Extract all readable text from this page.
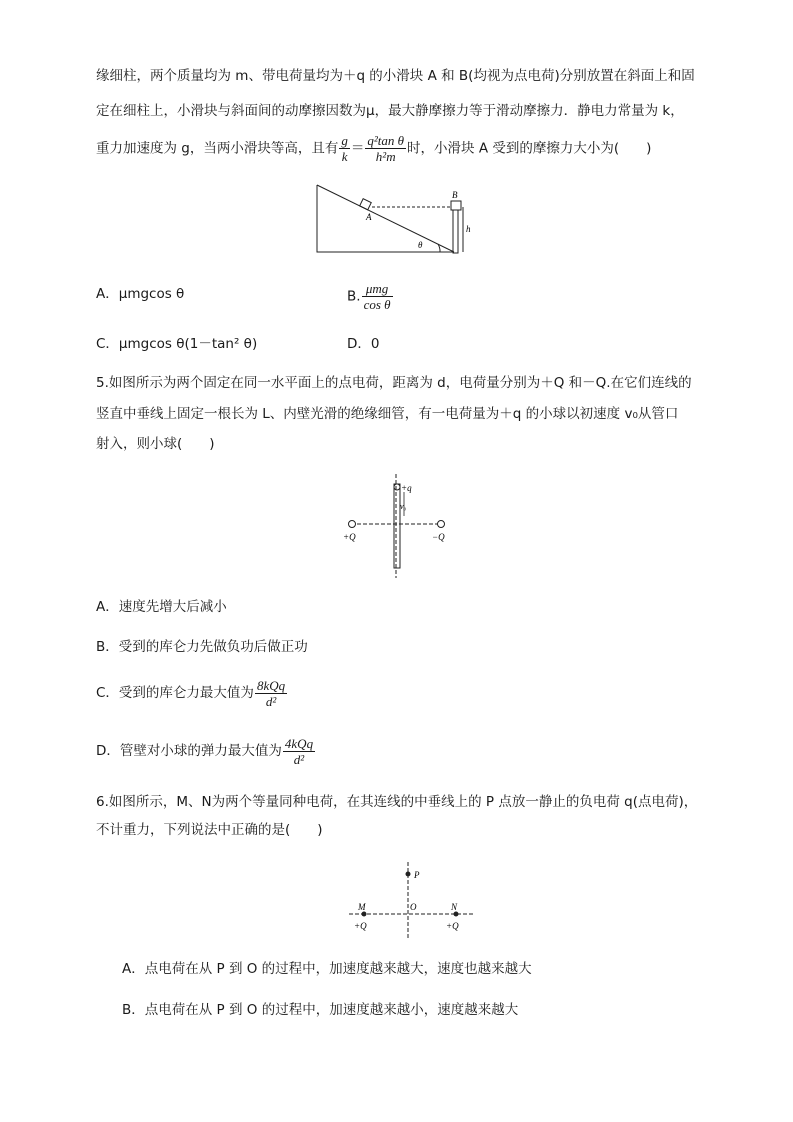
缘细柱，两个质量均为 m、带电荷量均为＋q 的小滑块 A 和 B(均视为点电荷)分别放置在斜面上和固
定在细柱上，小滑块与斜面间的动摩擦因数为μ，最大静摩擦力等于滑动摩擦力．静电力常量为 k，
重力加速度为 g，当两小滑块等高，且有 $\frac{g}{k} = \frac{\text{q²tan θ}}{\text{h²m}}$ 时，小滑块 A 受到的摩擦力大小为(　　)
A
B
h
θ
A．μmgcos θ	B. $\frac{\text{μmg}}{\text{cos θ}}$
C．μmgcos θ(1－tan² θ)	D．0
5.如图所示为两个固定在同一水平面上的点电荷，距离为 d，电荷量分别为＋Q 和－Q.在它们连线的
竖直中垂线上固定一根长为 L、内壁光滑的绝缘细管，有一电荷量为＋q 的小球以初速度 v₀从管口
射入，则小球(　　)
+q
v₀
+Q	−Q
A．速度先增大后减小
B．受到的库仑力先做负功后做正功
C．受到的库仑力最大值为 $\frac{\text{8kQq}}{\text{d²}}$
D．管壁对小球的弹力最大值为 $\frac{\text{4kQq}}{\text{d²}}$
6.如图所示，M、N为两个等量同种电荷，在其连线的中垂线上的 P 点放一静止的负电荷 q(点电荷)，
不计重力，下列说法中正确的是(　　)
P
M	O	N
+Q	+Q
A．点电荷在从 P 到 O 的过程中，加速度越来越大，速度也越来越大
B．点电荷在从 P 到 O 的过程中，加速度越来越小，速度越来越大
